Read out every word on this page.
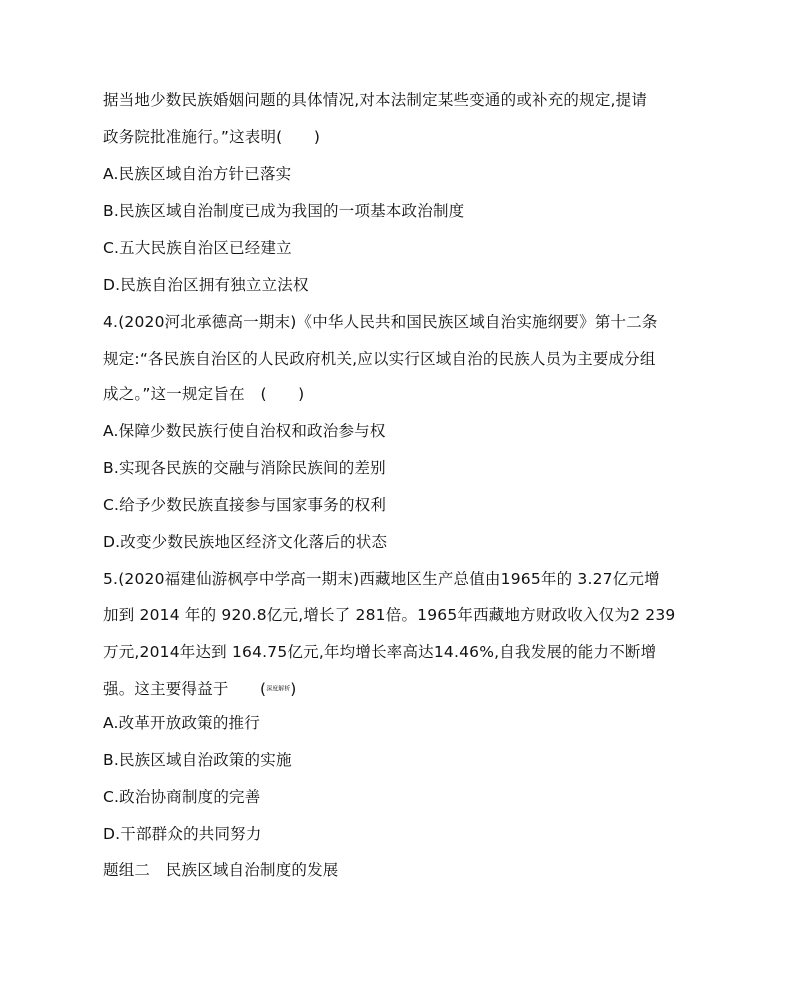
据当地少数民族婚姻问题的具体情况,对本法制定某些变通的或补充的规定,提请
政务院批准施行。”这表明(　　)
A.民族区域自治方针已落实
B.民族区域自治制度已成为我国的一项基本政治制度
C.五大民族自治区已经建立
D.民族自治区拥有独立立法权
4.(2020河北承德高一期末)《中华人民共和国民族区域自治实施纲要》第十二条
规定:“各民族自治区的人民政府机关,应以实行区域自治的民族人员为主要成分组
成之。”这一规定旨在　(　　)
A.保障少数民族行使自治权和政治参与权
B.实现各民族的交融与消除民族间的差别
C.给予少数民族直接参与国家事务的权利
D.改变少数民族地区经济文化落后的状态
5.(2020福建仙游枫亭中学高一期末)西藏地区生产总值由1965年的 3.27亿元增
加到 2014 年的 920.8亿元,增长了 281倍。1965年西藏地方财政收入仅为2 239
万元,2014年达到 164.75亿元,年均增长率高达14.46%,自我发展的能力不断增
强。这主要得益于　　(深度解析)
A.改革开放政策的推行
B.民族区域自治政策的实施
C.政治协商制度的完善
D.干部群众的共同努力
题组二　民族区域自治制度的发展
